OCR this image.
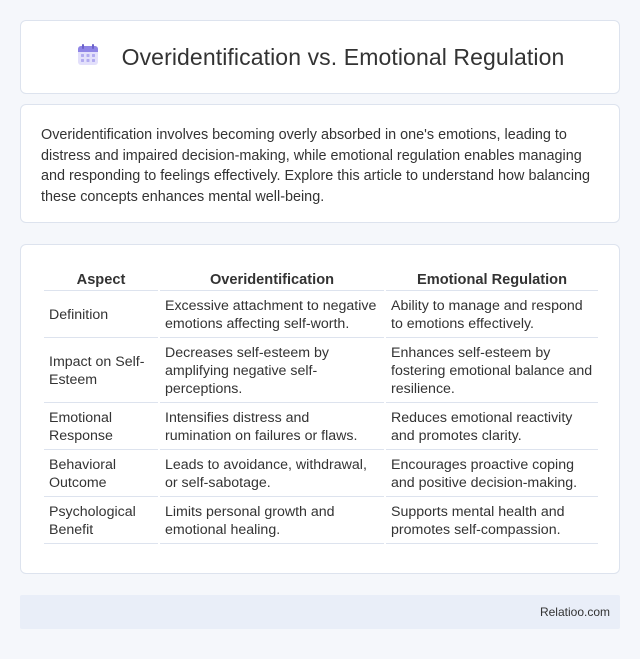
Overidentification vs. Emotional Regulation

Overidentification involves becoming overly absorbed in one's emotions, leading to distress and impaired decision-making, while emotional regulation enables managing and responding to feelings effectively. Explore this article to understand how balancing these concepts enhances mental well-being.

Aspect	Overidentification	Emotional Regulation
Definition	Excessive attachment to negative emotions affecting self-worth.	Ability to manage and respond to emotions effectively.
Impact on Self-Esteem	Decreases self-esteem by amplifying negative self-perceptions.	Enhances self-esteem by fostering emotional balance and resilience.
Emotional Response	Intensifies distress and rumination on failures or flaws.	Reduces emotional reactivity and promotes clarity.
Behavioral Outcome	Leads to avoidance, withdrawal, or self-sabotage.	Encourages proactive coping and positive decision-making.
Psychological Benefit	Limits personal growth and emotional healing.	Supports mental health and promotes self-compassion.
Relatioo.com
